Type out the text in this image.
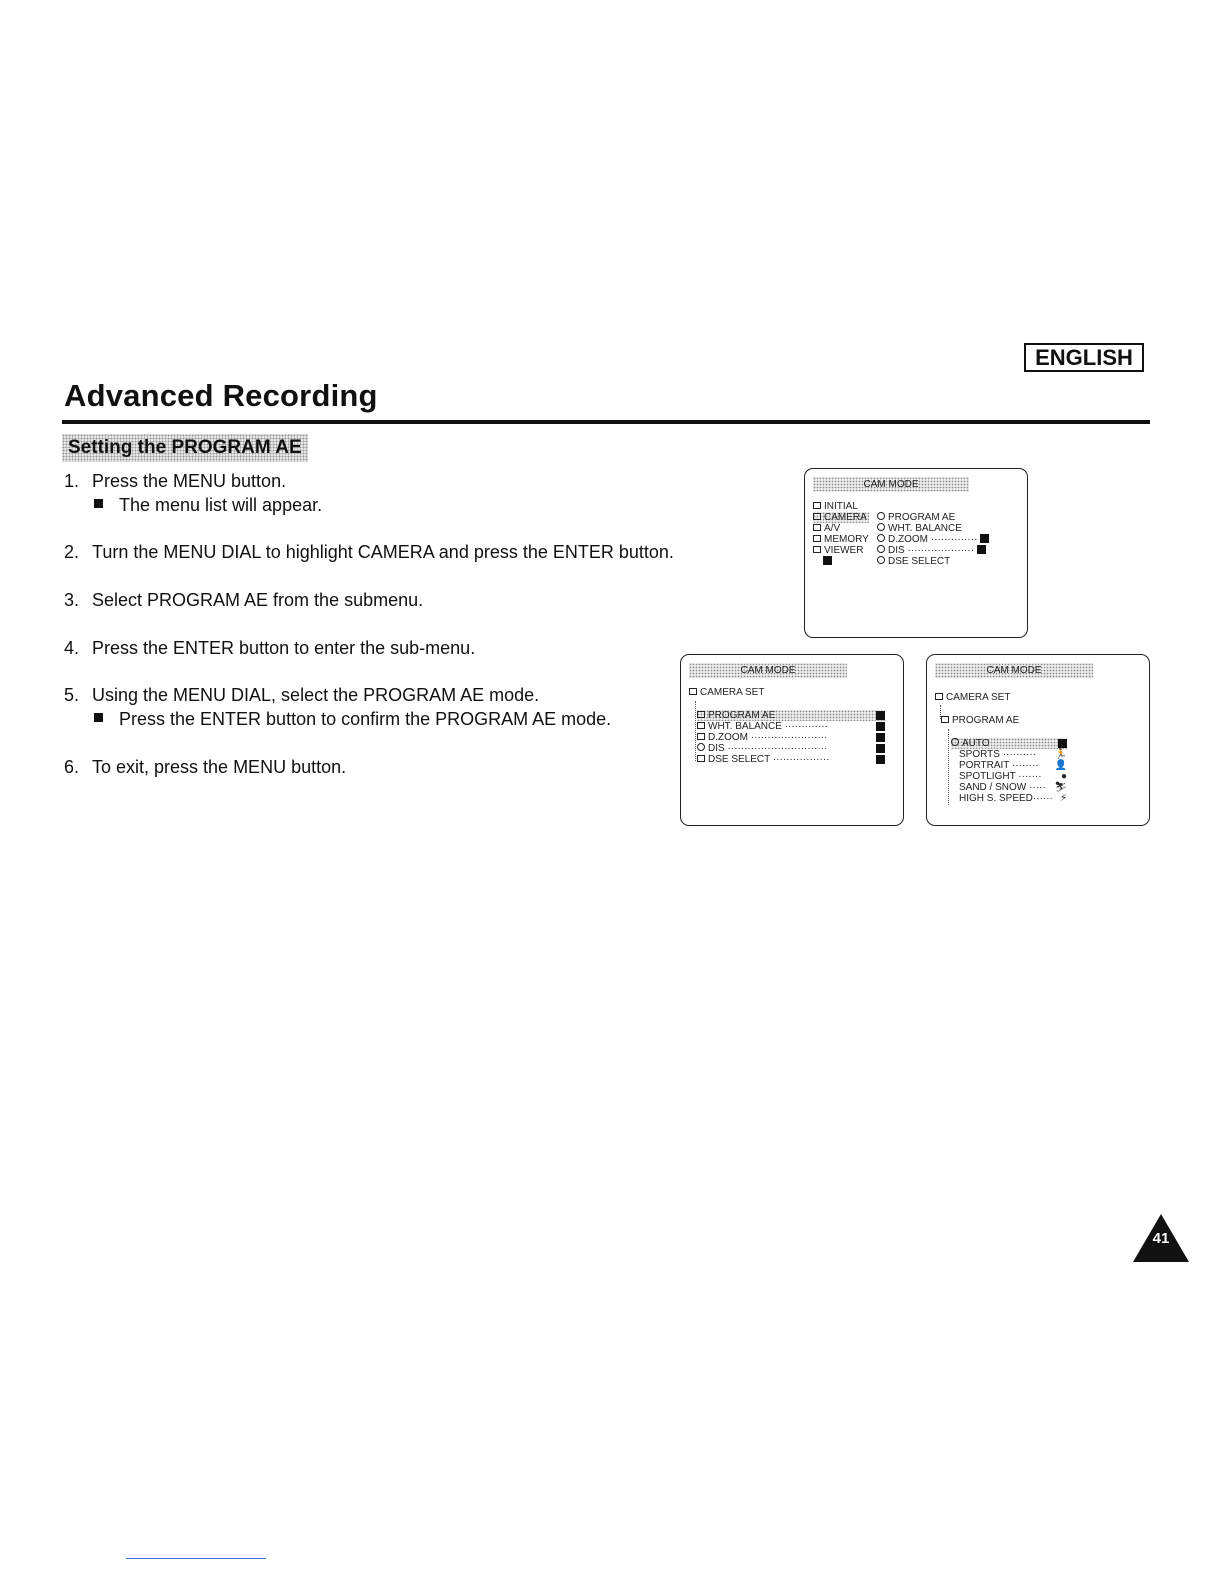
ENGLISH
Advanced Recording
Setting the PROGRAM AE
1. Press the MENU button.
The menu list will appear.
2. Turn the MENU DIAL to highlight CAMERA and press the ENTER button.
3. Select PROGRAM AE from the submenu.
4. Press the ENTER button to enter the sub-menu.
5. Using the MENU DIAL, select the PROGRAM AE mode.
Press the ENTER button to confirm the PROGRAM AE mode.
6. To exit, press the MENU button.
CAM MODE
INITIAL
CAMERA
A/V
MEMORY
VIEWER
PROGRAM AE
WHT. BALANCE
D.ZOOM ··············
DIS ····················
DSE SELECT
CAM MODE
CAMERA SET
PROGRAM AE
WHT. BALANCE ·············
D.ZOOM ·······················
DIS ······························
DSE SELECT ·················
CAM MODE
CAMERA SET
PROGRAM AE
AUTO
SPORTS ·········· 🏃
PORTRAIT ········ 👤
SPOTLIGHT ······· ●
SAND / SNOW ····· ⛷
HIGH S. SPEED······ ⚡
41
